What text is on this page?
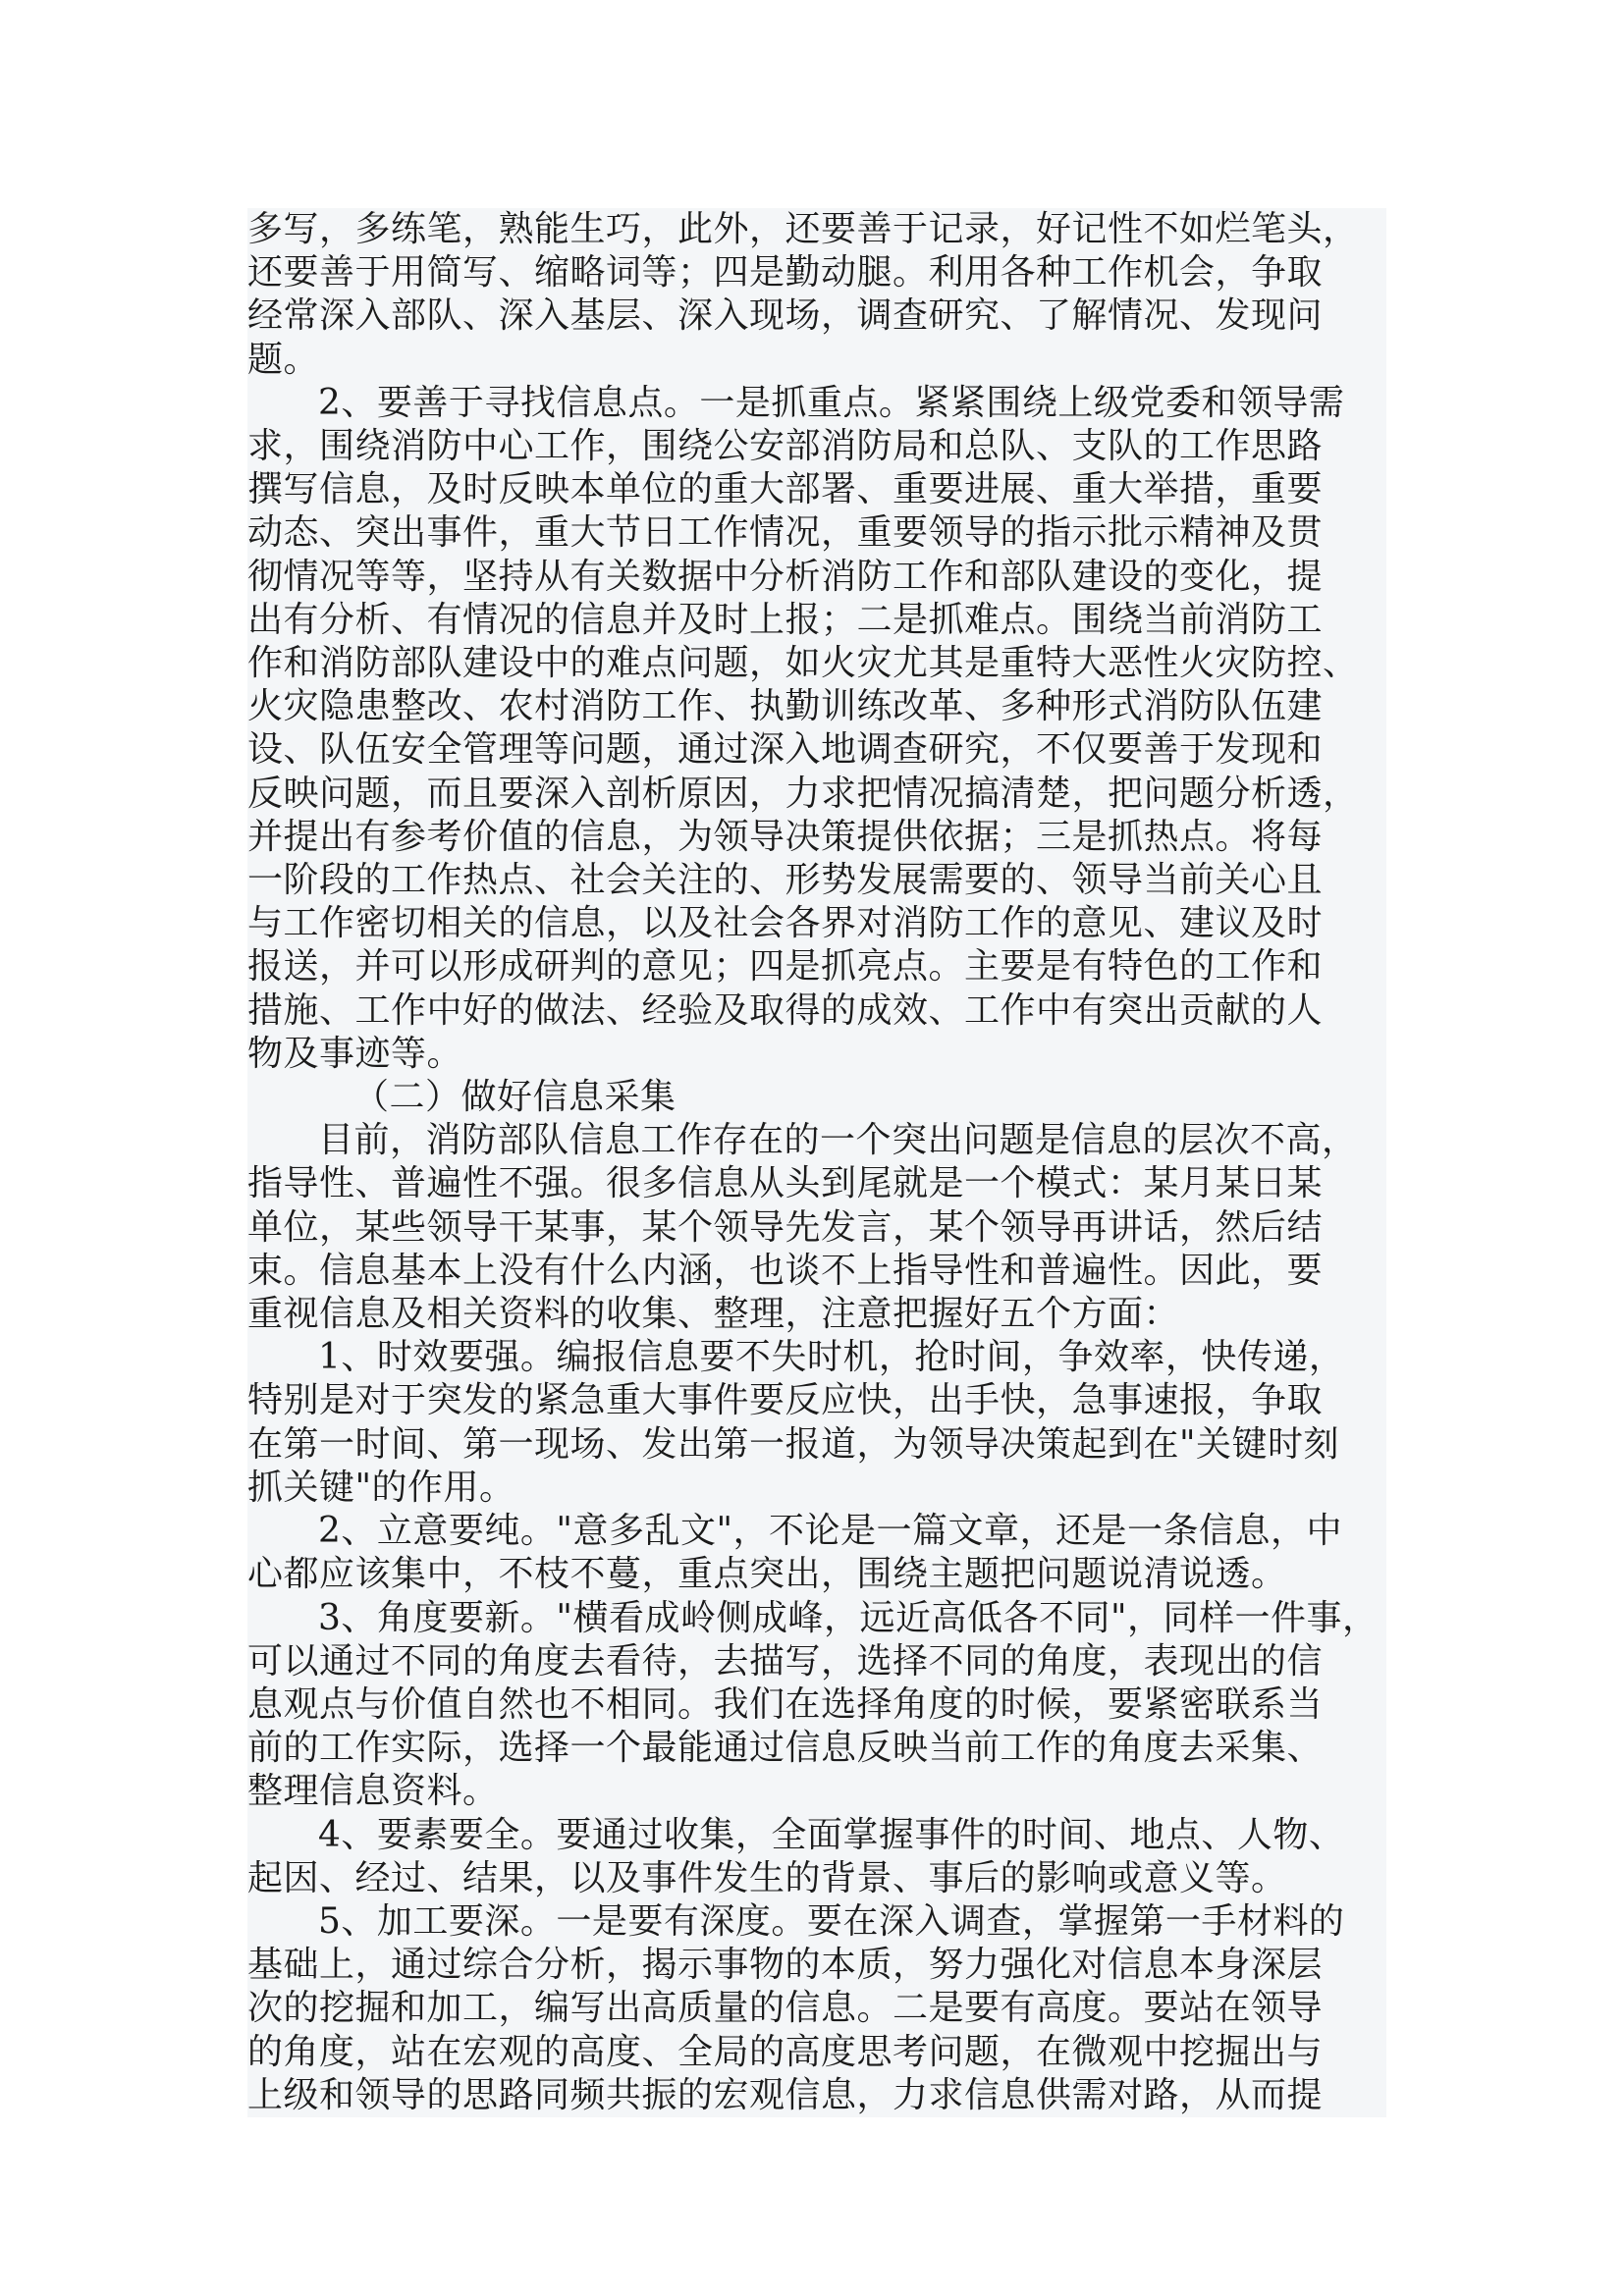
多写，多练笔，熟能生巧，此外，还要善于记录，好记性不如烂笔头，
还要善于用简写、缩略词等；四是勤动腿。利用各种工作机会，争取
经常深入部队、深入基层、深入现场，调查研究、了解情况、发现问
题。

2、要善于寻找信息点。一是抓重点。紧紧围绕上级党委和领导需
求，围绕消防中心工作，围绕公安部消防局和总队、支队的工作思路
撰写信息，及时反映本单位的重大部署、重要进展、重大举措，重要
动态、突出事件，重大节日工作情况，重要领导的指示批示精神及贯
彻情况等等，坚持从有关数据中分析消防工作和部队建设的变化，提
出有分析、有情况的信息并及时上报；二是抓难点。围绕当前消防工
作和消防部队建设中的难点问题，如火灾尤其是重特大恶性火灾防控、
火灾隐患整改、农村消防工作、执勤训练改革、多种形式消防队伍建
设、队伍安全管理等问题，通过深入地调查研究，不仅要善于发现和
反映问题，而且要深入剖析原因，力求把情况搞清楚，把问题分析透，
并提出有参考价值的信息，为领导决策提供依据；三是抓热点。将每
一阶段的工作热点、社会关注的、形势发展需要的、领导当前关心且
与工作密切相关的信息，以及社会各界对消防工作的意见、建议及时
报送，并可以形成研判的意见；四是抓亮点。主要是有特色的工作和
措施、工作中好的做法、经验及取得的成效、工作中有突出贡献的人
物及事迹等。

（二）做好信息采集

目前，消防部队信息工作存在的一个突出问题是信息的层次不高，
指导性、普遍性不强。很多信息从头到尾就是一个模式：某月某日某
单位，某些领导干某事，某个领导先发言，某个领导再讲话，然后结
束。信息基本上没有什么内涵，也谈不上指导性和普遍性。因此，要
重视信息及相关资料的收集、整理，注意把握好五个方面：

1、时效要强。编报信息要不失时机，抢时间，争效率，快传递，
特别是对于突发的紧急重大事件要反应快，出手快，急事速报，争取
在第一时间、第一现场、发出第一报道，为领导决策起到在"关键时刻
抓关键"的作用。

2、立意要纯。"意多乱文"，不论是一篇文章，还是一条信息，中
心都应该集中，不枝不蔓，重点突出，围绕主题把问题说清说透。

3、角度要新。"横看成岭侧成峰，远近高低各不同"，同样一件事，
可以通过不同的角度去看待，去描写，选择不同的角度，表现出的信
息观点与价值自然也不相同。我们在选择角度的时候，要紧密联系当
前的工作实际，选择一个最能通过信息反映当前工作的角度去采集、
整理信息资料。

4、要素要全。要通过收集，全面掌握事件的时间、地点、人物、
起因、经过、结果，以及事件发生的背景、事后的影响或意义等。

5、加工要深。一是要有深度。要在深入调查，掌握第一手材料的
基础上，通过综合分析，揭示事物的本质，努力强化对信息本身深层
次的挖掘和加工，编写出高质量的信息。二是要有高度。要站在领导
的角度，站在宏观的高度、全局的高度思考问题，在微观中挖掘出与
上级和领导的思路同频共振的宏观信息，力求信息供需对路，从而提
